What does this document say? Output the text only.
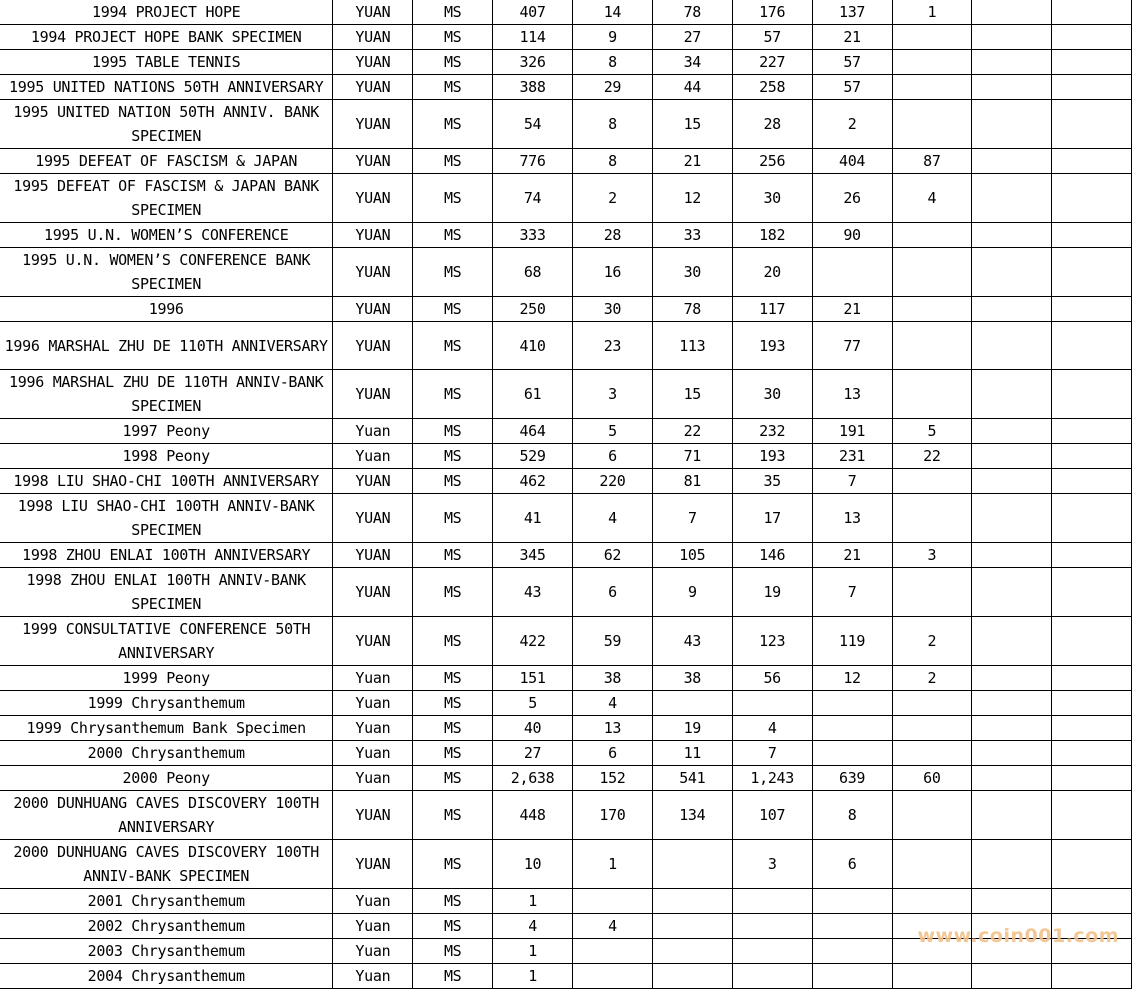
1994 PROJECT HOPE	YUAN	MS	407	14	78	176	137	1		
1994 PROJECT HOPE BANK SPECIMEN	YUAN	MS	114	9	27	57	21			
1995 TABLE TENNIS	YUAN	MS	326	8	34	227	57			
1995 UNITED NATIONS 50TH ANNIVERSARY	YUAN	MS	388	29	44	258	57			
1995 UNITED NATION 50TH ANNIV. BANK SPECIMEN	YUAN	MS	54	8	15	28	2			
1995 DEFEAT OF FASCISM & JAPAN	YUAN	MS	776	8	21	256	404	87		
1995 DEFEAT OF FASCISM & JAPAN BANK SPECIMEN	YUAN	MS	74	2	12	30	26	4		
1995 U.N. WOMEN’S CONFERENCE	YUAN	MS	333	28	33	182	90			
1995 U.N. WOMEN’S CONFERENCE BANK SPECIMEN	YUAN	MS	68	16	30	20				
1996	YUAN	MS	250	30	78	117	21			
1996 MARSHAL ZHU DE 110TH ANNIVERSARY	YUAN	MS	410	23	113	193	77			
1996 MARSHAL ZHU DE 110TH ANNIV-BANK SPECIMEN	YUAN	MS	61	3	15	30	13			
1997 Peony	Yuan	MS	464	5	22	232	191	5		
1998 Peony	Yuan	MS	529	6	71	193	231	22		
1998 LIU SHAO-CHI 100TH ANNIVERSARY	YUAN	MS	462	220	81	35	7			
1998 LIU SHAO-CHI 100TH ANNIV-BANK SPECIMEN	YUAN	MS	41	4	7	17	13			
1998 ZHOU ENLAI 100TH ANNIVERSARY	YUAN	MS	345	62	105	146	21	3		
1998 ZHOU ENLAI 100TH ANNIV-BANK SPECIMEN	YUAN	MS	43	6	9	19	7			
1999 CONSULTATIVE CONFERENCE 50TH ANNIVERSARY	YUAN	MS	422	59	43	123	119	2		
1999 Peony	Yuan	MS	151	38	38	56	12	2		
1999 Chrysanthemum	Yuan	MS	5	4						
1999 Chrysanthemum Bank Specimen	Yuan	MS	40	13	19	4				
2000 Chrysanthemum	Yuan	MS	27	6	11	7				
2000 Peony	Yuan	MS	2,638	152	541	1,243	639	60		
2000 DUNHUANG CAVES DISCOVERY 100TH ANNIVERSARY	YUAN	MS	448	170	134	107	8			
2000 DUNHUANG CAVES DISCOVERY 100TH ANNIV-BANK SPECIMEN	YUAN	MS	10	1		3	6			
2001 Chrysanthemum	Yuan	MS	1							
2002 Chrysanthemum	Yuan	MS	4	4						
2003 Chrysanthemum	Yuan	MS	1							
2004 Chrysanthemum	Yuan	MS	1							
www.coin001.com
